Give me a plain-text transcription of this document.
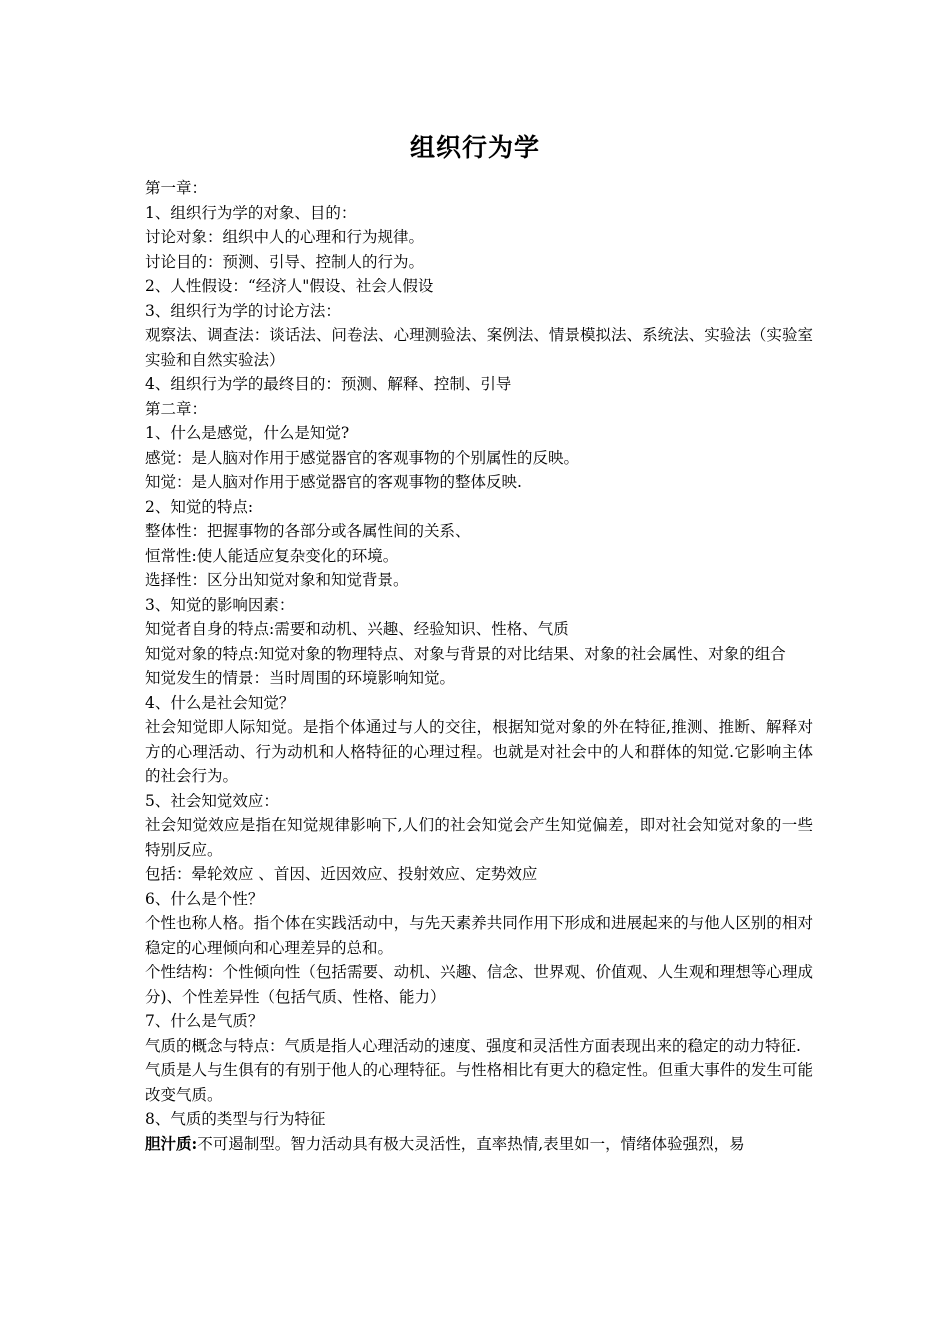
组织行为学

第一章：

1、组织行为学的对象、目的：

讨论对象：组织中人的心理和行为规律。

讨论目的：预测、引导、控制人的行为。

2、人性假设：“经济人"假设、社会人假设

3、组织行为学的讨论方法：

观察法、调查法：谈话法、问卷法、心理测验法、案例法、情景模拟法、系统法、实验法（实验室实验和自然实验法）

4、组织行为学的最终目的：预测、解释、控制、引导

第二章：

1、什么是感觉，什么是知觉?

感觉：是人脑对作用于感觉器官的客观事物的个别属性的反映。

知觉：是人脑对作用于感觉器官的客观事物的整体反映.

2、知觉的特点:

整体性：把握事物的各部分或各属性间的关系、

恒常性:使人能适应复杂变化的环境。

选择性：区分出知觉对象和知觉背景。

3、知觉的影响因素：

知觉者自身的特点:需要和动机、兴趣、经验知识、性格、气质

知觉对象的特点:知觉对象的物理特点、对象与背景的对比结果、对象的社会属性、对象的组合

知觉发生的情景：当时周围的环境影响知觉。

4、什么是社会知觉？

社会知觉即人际知觉。是指个体通过与人的交往，根据知觉对象的外在特征,推测、推断、解释对方的心理活动、行为动机和人格特征的心理过程。也就是对社会中的人和群体的知觉.它影响主体的社会行为。

5、社会知觉效应：

社会知觉效应是指在知觉规律影响下,人们的社会知觉会产生知觉偏差，即对社会知觉对象的一些特别反应。

包括：晕轮效应 、首因、近因效应、投射效应、定势效应

6、什么是个性？

个性也称人格。指个体在实践活动中，与先天素养共同作用下形成和进展起来的与他人区别的相对稳定的心理倾向和心理差异的总和。

个性结构：个性倾向性（包括需要、动机、兴趣、信念、世界观、价值观、人生观和理想等心理成分)、个性差异性（包括气质、性格、能力）

7、什么是气质？

气质的概念与特点：气质是指人心理活动的速度、强度和灵活性方面表现出来的稳定的动力特征.

气质是人与生俱有的有别于他人的心理特征。与性格相比有更大的稳定性。但重大事件的发生可能改变气质。

8、气质的类型与行为特征

胆汁质:不可遏制型。智力活动具有极大灵活性，直率热情,表里如一，情绪体验强烈，易
